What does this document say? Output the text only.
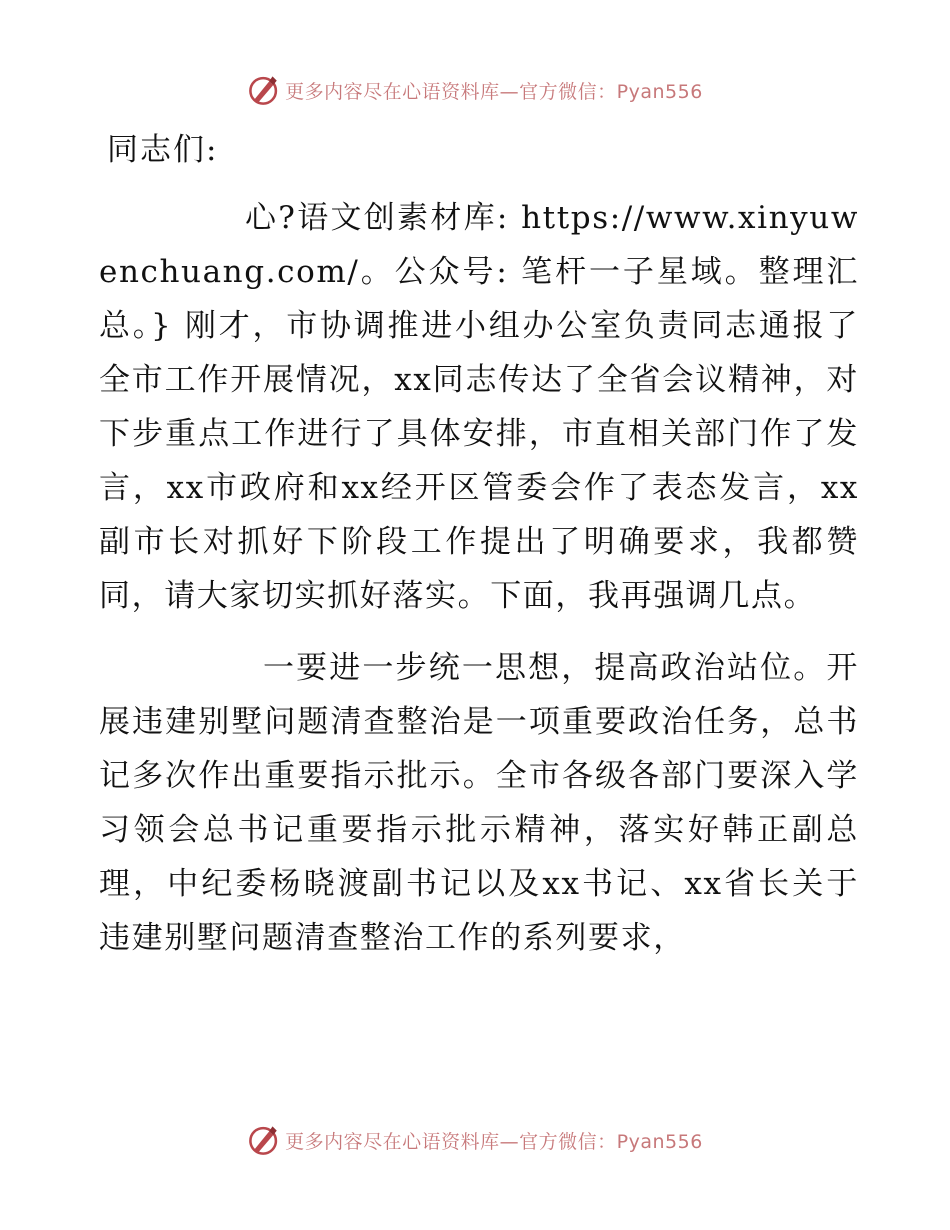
更多内容尽在心语资料库—官方微信：Pyan556
同志们:

心?语文创素材库: https://www.xinyuwenchuang.com/。公众号: 笔杆一子星域。整理汇总。} 刚才，市协调推进小组办公室负责同志通报了全市工作开展情况，xx同志传达了全省会议精神，对下步重点工作进行了具体安排，市直相关部门作了发言，xx市政府和xx经开区管委会作了表态发言，xx副市长对抓好下阶段工作提出了明确要求，我都赞同，请大家切实抓好落实。下面，我再强调几点。

一要进一步统一思想，提高政治站位。开展违建别墅问题清查整治是一项重要政治任务，总书记多次作出重要指示批示。全市各级各部门要深入学习领会总书记重要指示批示精神，落实好韩正副总理，中纪委杨晓渡副书记以及xx书记、xx省长关于违建别墅问题清查整治工作的系列要求，

更多内容尽在心语资料库—官方微信：Pyan556
